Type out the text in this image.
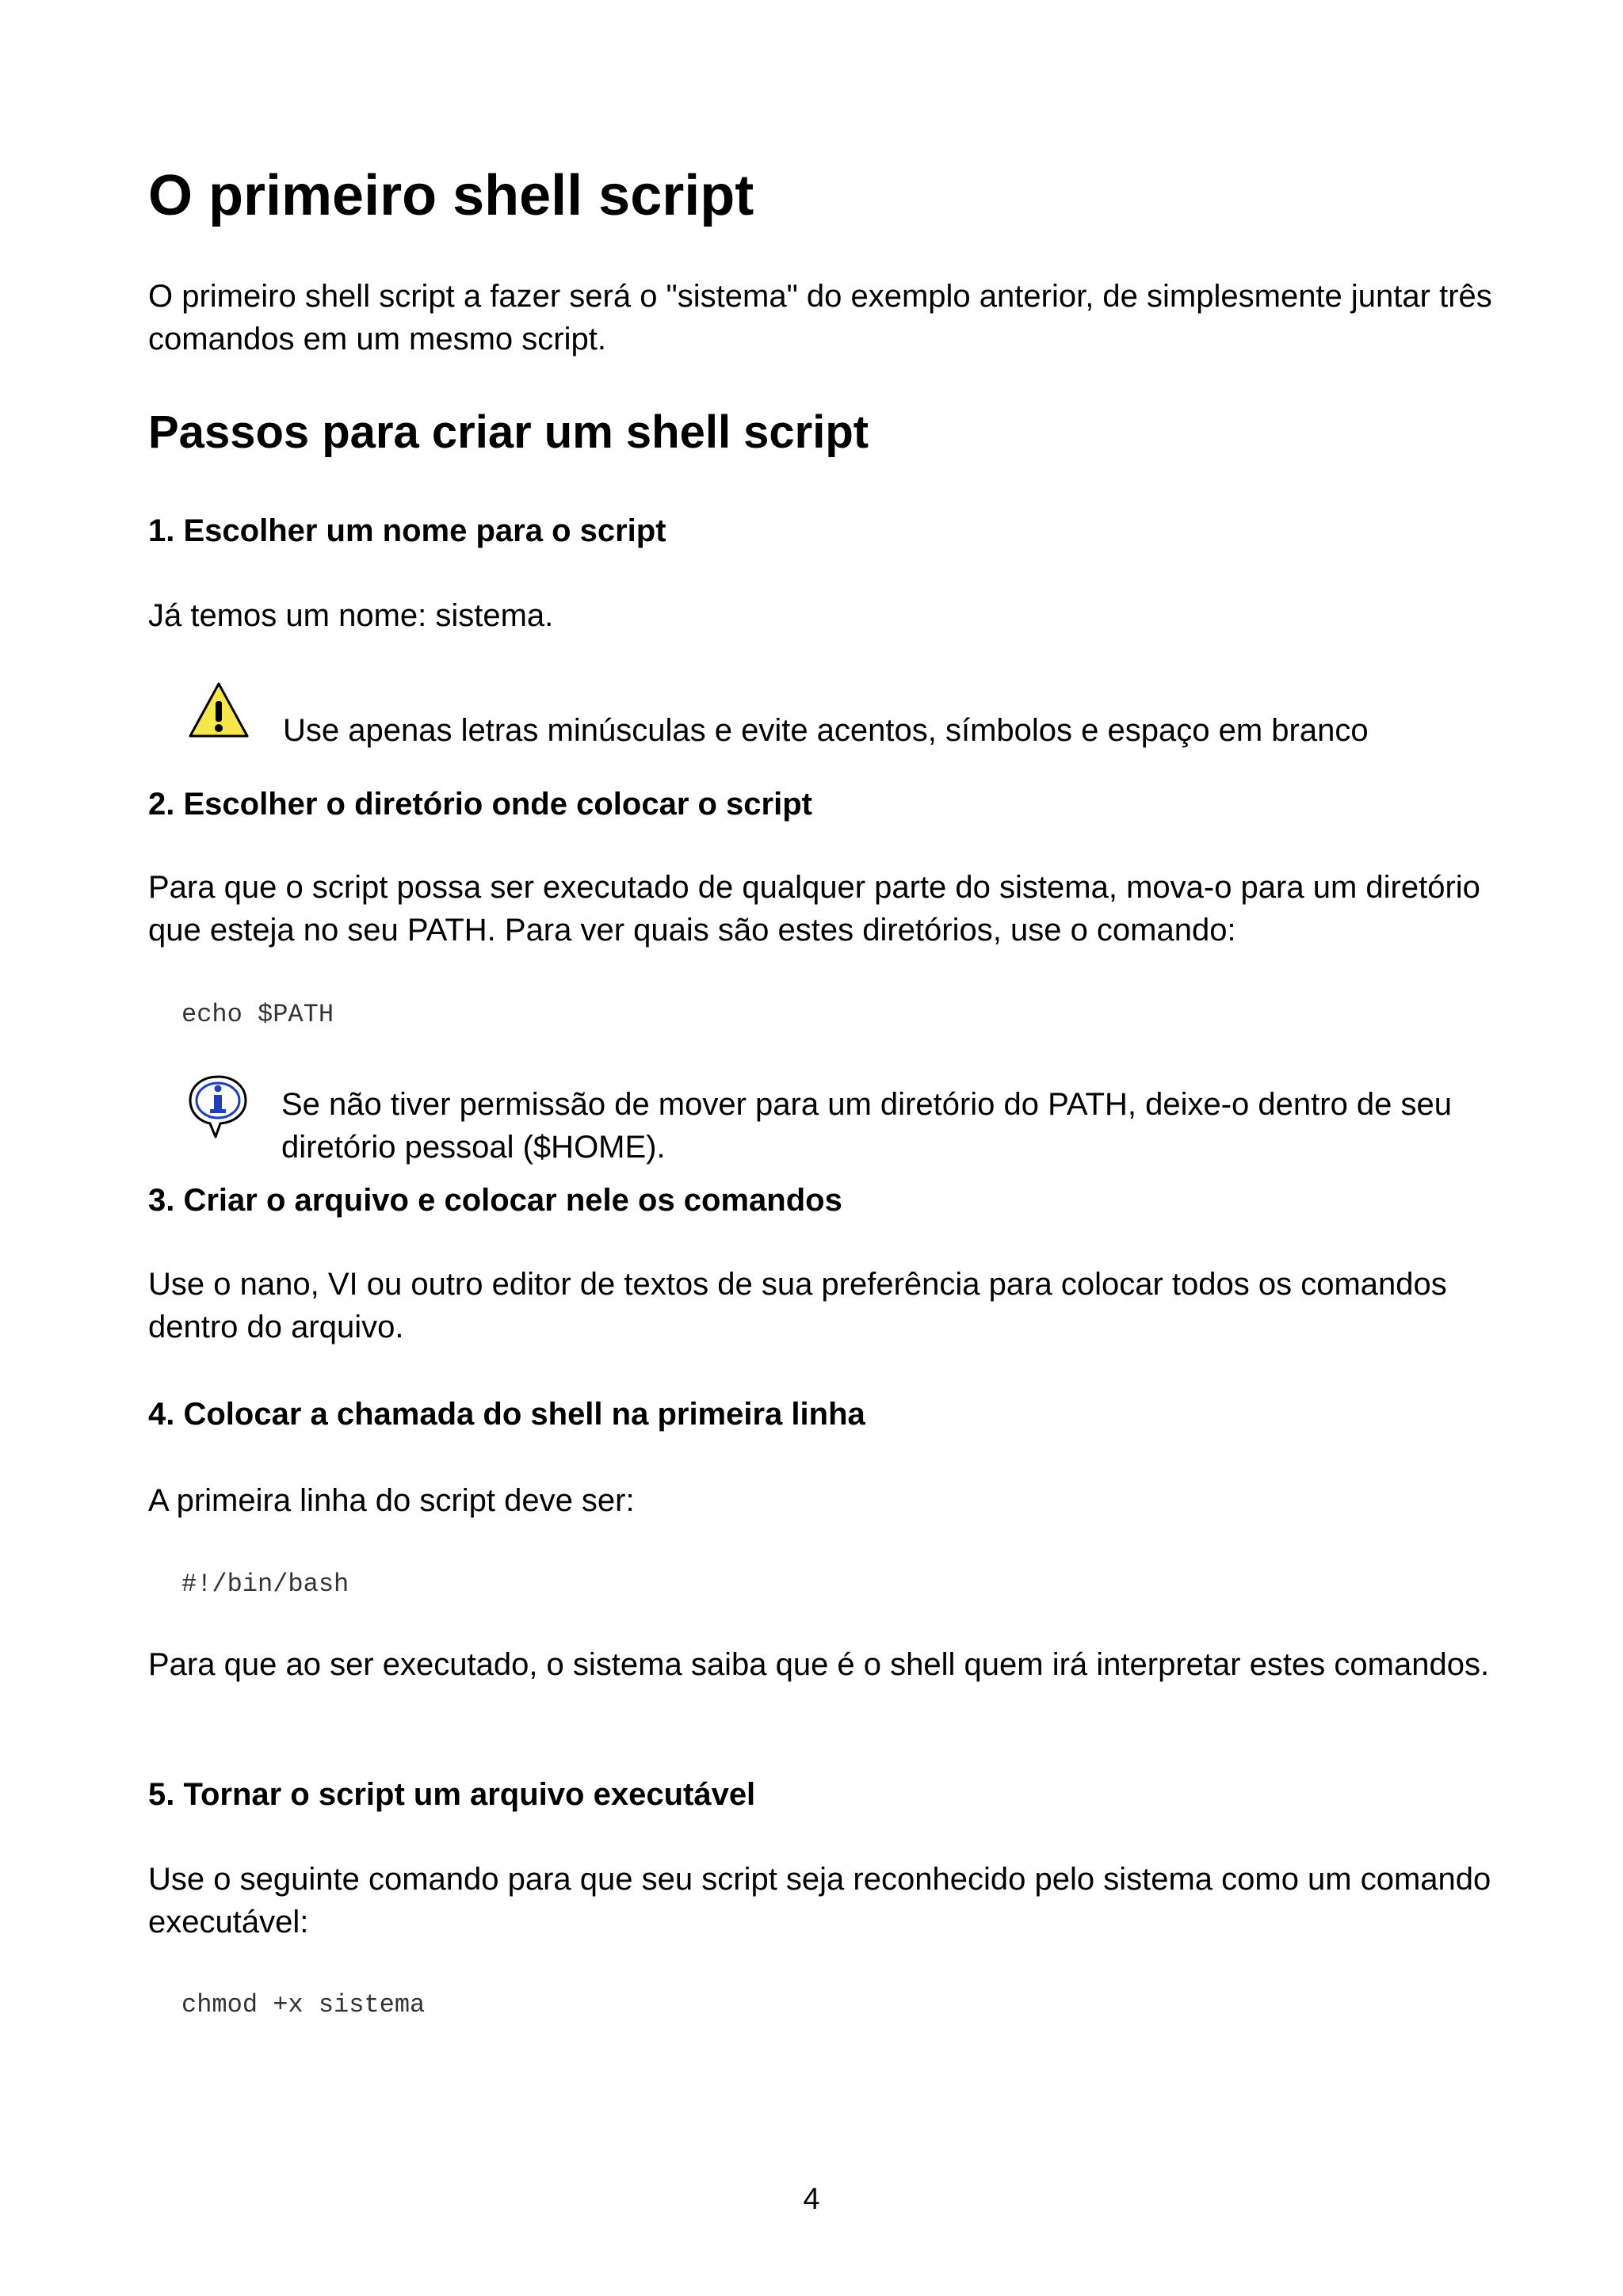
O primeiro shell script

O primeiro shell script a fazer será o "sistema" do exemplo anterior, de simplesmente juntar três comandos em um mesmo script.

Passos para criar um shell script
1. Escolher um nome para o script

Já temos um nome: sistema.

Use apenas letras minúsculas e evite acentos, símbolos e espaço em branco
2. Escolher o diretório onde colocar o script

Para que o script possa ser executado de qualquer parte do sistema, mova-o para um diretório que esteja no seu PATH. Para ver quais são estes diretórios, use o comando:

echo $PATH
Se não tiver permissão de mover para um diretório do PATH, deixe-o dentro de seu diretório pessoal ($HOME).
3. Criar o arquivo e colocar nele os comandos

Use o nano, VI ou outro editor de textos de sua preferência para colocar todos os comandos dentro do arquivo.

4. Colocar a chamada do shell na primeira linha

A primeira linha do script deve ser:

#!/bin/bash

Para que ao ser executado, o sistema saiba que é o shell quem irá interpretar estes comandos.

5. Tornar o script um arquivo executável

Use o seguinte comando para que seu script seja reconhecido pelo sistema como um comando executável:

chmod +x sistema
4
